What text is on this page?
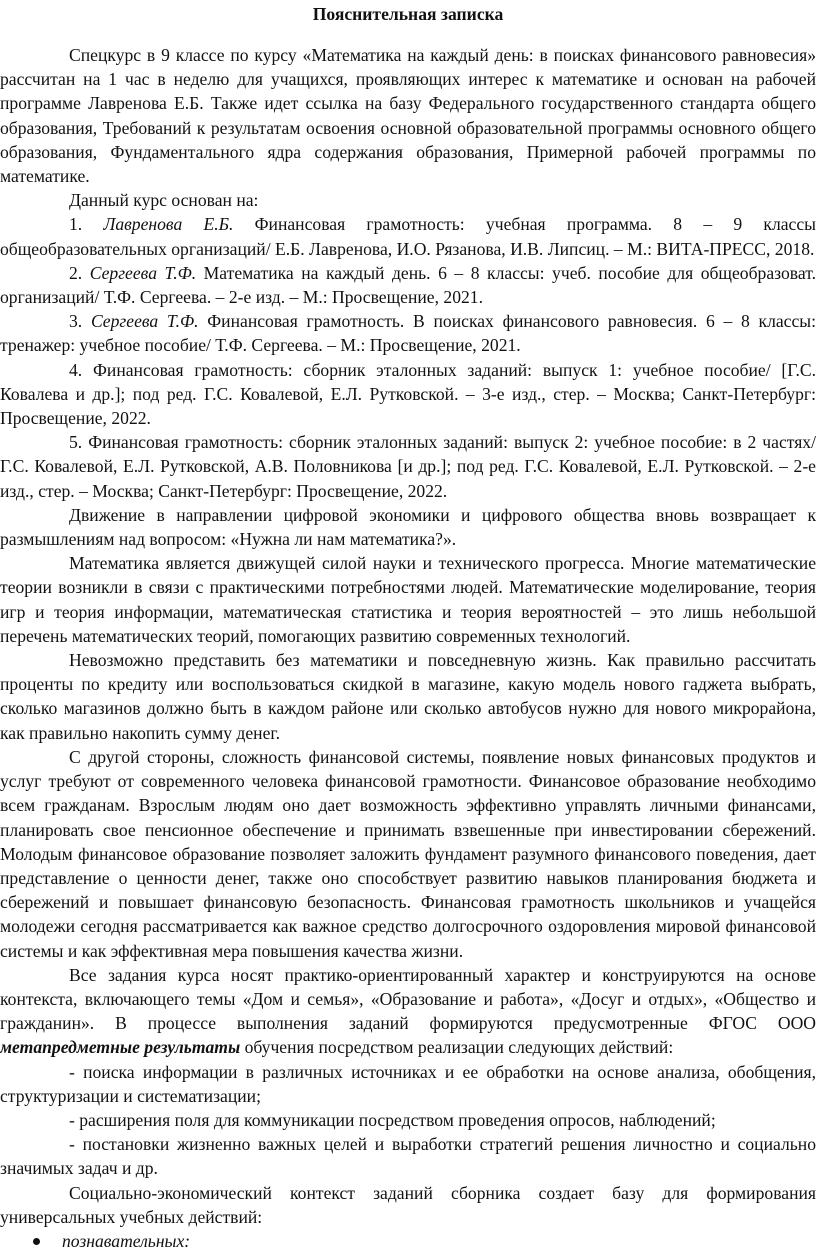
Пояснительная записка

Спецкурс в 9 классе по курсу «Математика на каждый день: в поисках финансового равновесия» рассчитан на 1 час в неделю для учащихся, проявляющих интерес к математике и основан на рабочей программе Лавренова Е.Б. Также идет ссылка на базу Федерального государственного стандарта общего образования, Требований к результатам освоения основной образовательной программы основного общего образования, Фундаментального ядра содержания образования, Примерной рабочей программы по математике.

Данный курс основан на:

1. Лавренова Е.Б. Финансовая грамотность: учебная программа. 8 – 9 классы общеобразовательных организаций/ Е.Б. Лавренова, И.О. Рязанова, И.В. Липсиц. – М.: ВИТА-ПРЕСС, 2018.

2. Сергеева Т.Ф. Математика на каждый день. 6 – 8 классы: учеб. пособие для общеобразоват. организаций/ Т.Ф. Сергеева. – 2-е изд. – М.: Просвещение, 2021.

3. Сергеева Т.Ф. Финансовая грамотность. В поисках финансового равновесия. 6 – 8 классы: тренажер: учебное пособие/ Т.Ф. Сергеева. – М.: Просвещение, 2021.

4. Финансовая грамотность: сборник эталонных заданий: выпуск 1: учебное пособие/ [Г.С. Ковалева и др.]; под ред. Г.С. Ковалевой, Е.Л. Рутковской. – 3-е изд., стер. – Москва; Санкт-Петербург: Просвещение, 2022.

5. Финансовая грамотность: сборник эталонных заданий: выпуск 2: учебное пособие: в 2 частях/ Г.С. Ковалевой, Е.Л. Рутковской, А.В. Половникова [и др.]; под ред. Г.С. Ковалевой, Е.Л. Рутковской. – 2-е изд., стер. – Москва; Санкт-Петербург: Просвещение, 2022.

Движение в направлении цифровой экономики и цифрового общества вновь возвращает к размышлениям над вопросом: «Нужна ли нам математика?».

Математика является движущей силой науки и технического прогресса. Многие математические теории возникли в связи с практическими потребностями людей. Математические моделирование, теория игр и теория информации, математическая статистика и теория вероятностей – это лишь небольшой перечень математических теорий, помогающих развитию современных технологий.

Невозможно представить без математики и повседневную жизнь. Как правильно рассчитать проценты по кредиту или воспользоваться скидкой в магазине, какую модель нового гаджета выбрать, сколько магазинов должно быть в каждом районе или сколько автобусов нужно для нового микрорайона, как правильно накопить сумму денег.

С другой стороны, сложность финансовой системы, появление новых финансовых продуктов и услуг требуют от современного человека финансовой грамотности. Финансовое образование необходимо всем гражданам. Взрослым людям оно дает возможность эффективно управлять личными финансами, планировать свое пенсионное обеспечение и принимать взвешенные при инвестировании сбережений. Молодым финансовое образование позволяет заложить фундамент разумного финансового поведения, дает представление о ценности денег, также оно способствует развитию навыков планирования бюджета и сбережений и повышает финансовую безопасность. Финансовая грамотность школьников и учащейся молодежи сегодня рассматривается как важное средство долгосрочного оздоровления мировой финансовой системы и как эффективная мера повышения качества жизни.

Все задания курса носят практико-ориентированный характер и конструируются на основе контекста, включающего темы «Дом и семья», «Образование и работа», «Досуг и отдых», «Общество и гражданин». В процессе выполнения заданий формируются предусмотренные ФГОС ООО метапредметные результаты обучения посредством реализации следующих действий:

- поиска информации в различных источниках и ее обработки на основе анализа, обобщения, структуризации и систематизации;

- расширения поля для коммуникации посредством проведения опросов, наблюдений;

- постановки жизненно важных целей и выработки стратегий решения личностно и социально значимых задач и др.

Социально-экономический контекст заданий сборника создает базу для формирования универсальных учебных действий:

познавательных:
